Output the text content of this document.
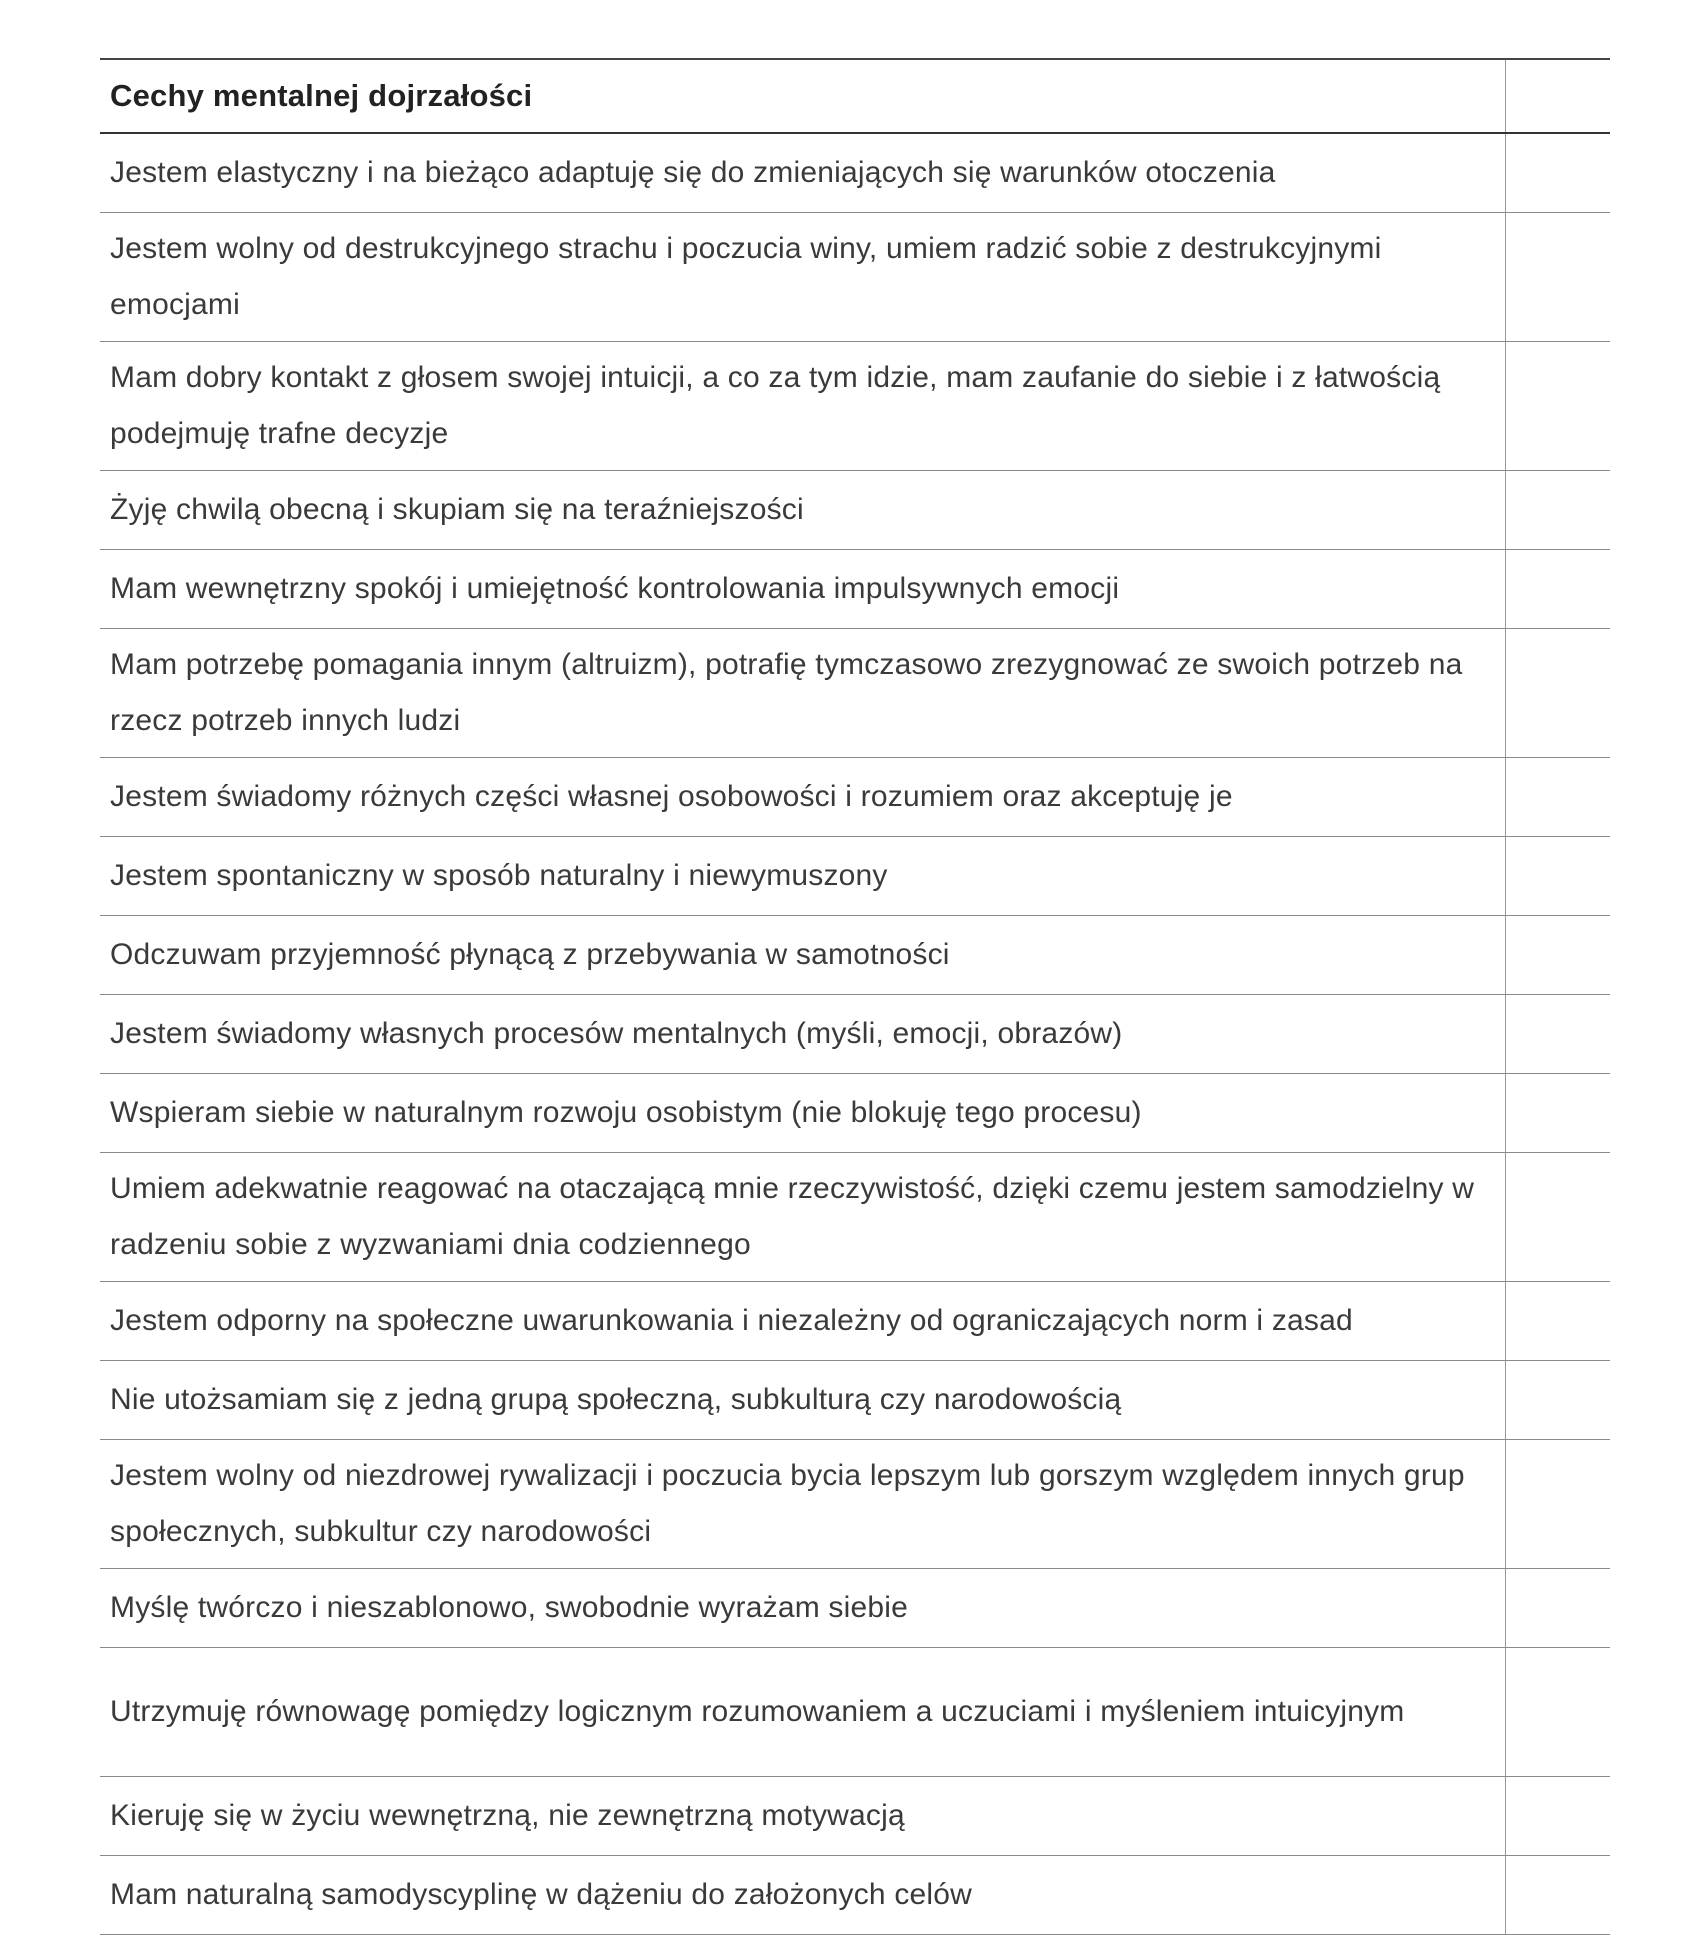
Cechy mentalnej dojrzałości
Jestem elastyczny i na bieżąco adaptuję się do zmieniających się warunków otoczenia
Jestem wolny od destrukcyjnego strachu i poczucia winy, umiem radzić sobie z destrukcyjnymi emocjami
Mam dobry kontakt z głosem swojej intuicji, a co za tym idzie, mam zaufanie do siebie i z łatwością podejmuję trafne decyzje
Żyję chwilą obecną i skupiam się na teraźniejszości
Mam wewnętrzny spokój i umiejętność kontrolowania impulsywnych emocji
Mam potrzebę pomagania innym (altruizm), potrafię tymczasowo zrezygnować ze swoich potrzeb na rzecz potrzeb innych ludzi
Jestem świadomy różnych części własnej osobowości i rozumiem oraz akceptuję je
Jestem spontaniczny w sposób naturalny i niewymuszony
Odczuwam przyjemność płynącą z przebywania w samotności
Jestem świadomy własnych procesów mentalnych (myśli, emocji, obrazów)
Wspieram siebie w naturalnym rozwoju osobistym (nie blokuję tego procesu)
Umiem adekwatnie reagować na otaczającą mnie rzeczywistość, dzięki czemu jestem samodzielny w radzeniu sobie z wyzwaniami dnia codziennego
Jestem odporny na społeczne uwarunkowania i niezależny od ograniczających norm i zasad
Nie utożsamiam się z jedną grupą społeczną, subkulturą czy narodowością
Jestem wolny od niezdrowej rywalizacji i poczucia bycia lepszym lub gorszym względem innych grup społecznych, subkultur czy narodowości
Myślę twórczo i nieszablonowo, swobodnie wyrażam siebie
Utrzymuję równowagę pomiędzy logicznym rozumowaniem a uczuciami i myśleniem intuicyjnym
Kieruję się w życiu wewnętrzną, nie zewnętrzną motywacją
Mam naturalną samodyscyplinę w dążeniu do założonych celów
